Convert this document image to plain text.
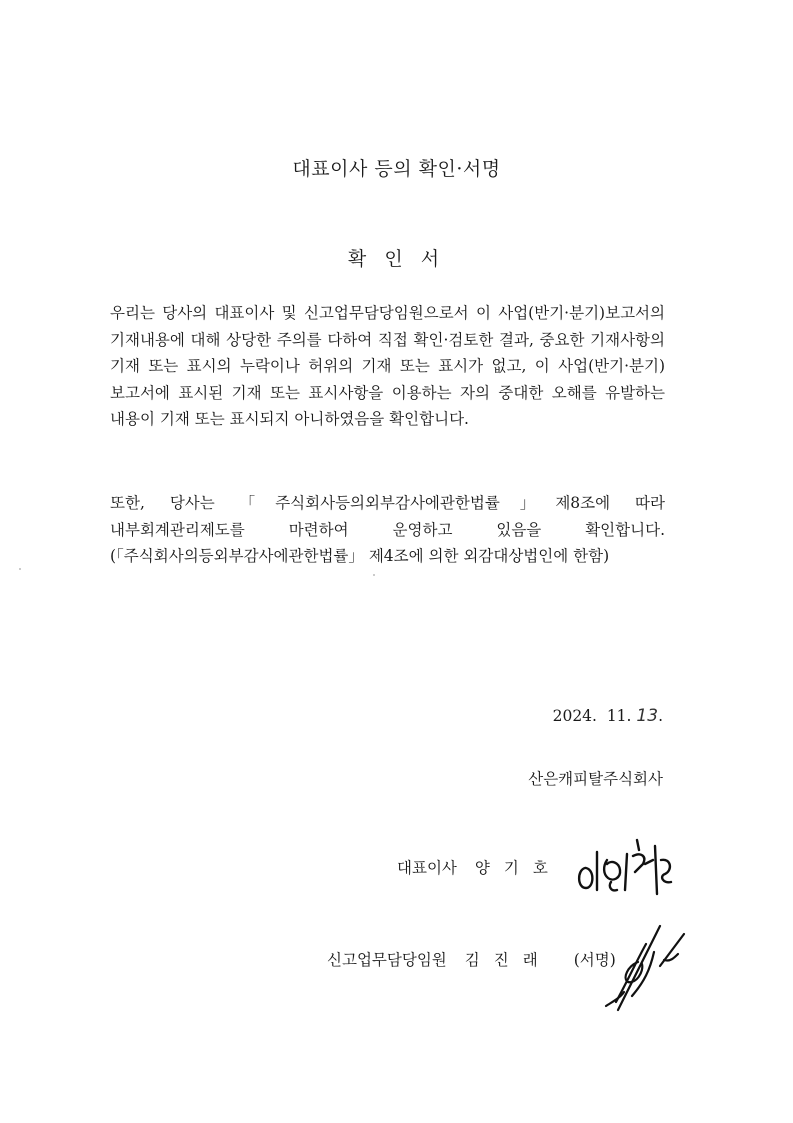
대표이사 등의 확인·서명
확 인 서
우리는 당사의 대표이사 및 신고업무담당임원으로서 이 사업(반기·분기)보고서의 기재내용에 대해 상당한 주의를 다하여 직접 확인·검토한 결과, 중요한 기재사항의 기재 또는 표시의 누락이나 허위의 기재 또는 표시가 없고, 이 사업(반기·분기)보고서에 표시된 기재 또는 표시사항을 이용하는 자의 중대한 오해를 유발하는 내용이 기재 또는 표시되지 아니하였음을 확인합니다.
또한, 당사는 「주식회사등의외부감사에관한법률」제8조에 따라 내부회계관리제도를 마련하여 운영하고 있음을 확인합니다.(「주식회사의등외부감사에관한법률」 제4조에 의한 외감대상법인에 한함)
2024.  11. 13.
산은캐피탈주식회사
대표이사 양기호
신고업무담당임원 김진래 (서명)
